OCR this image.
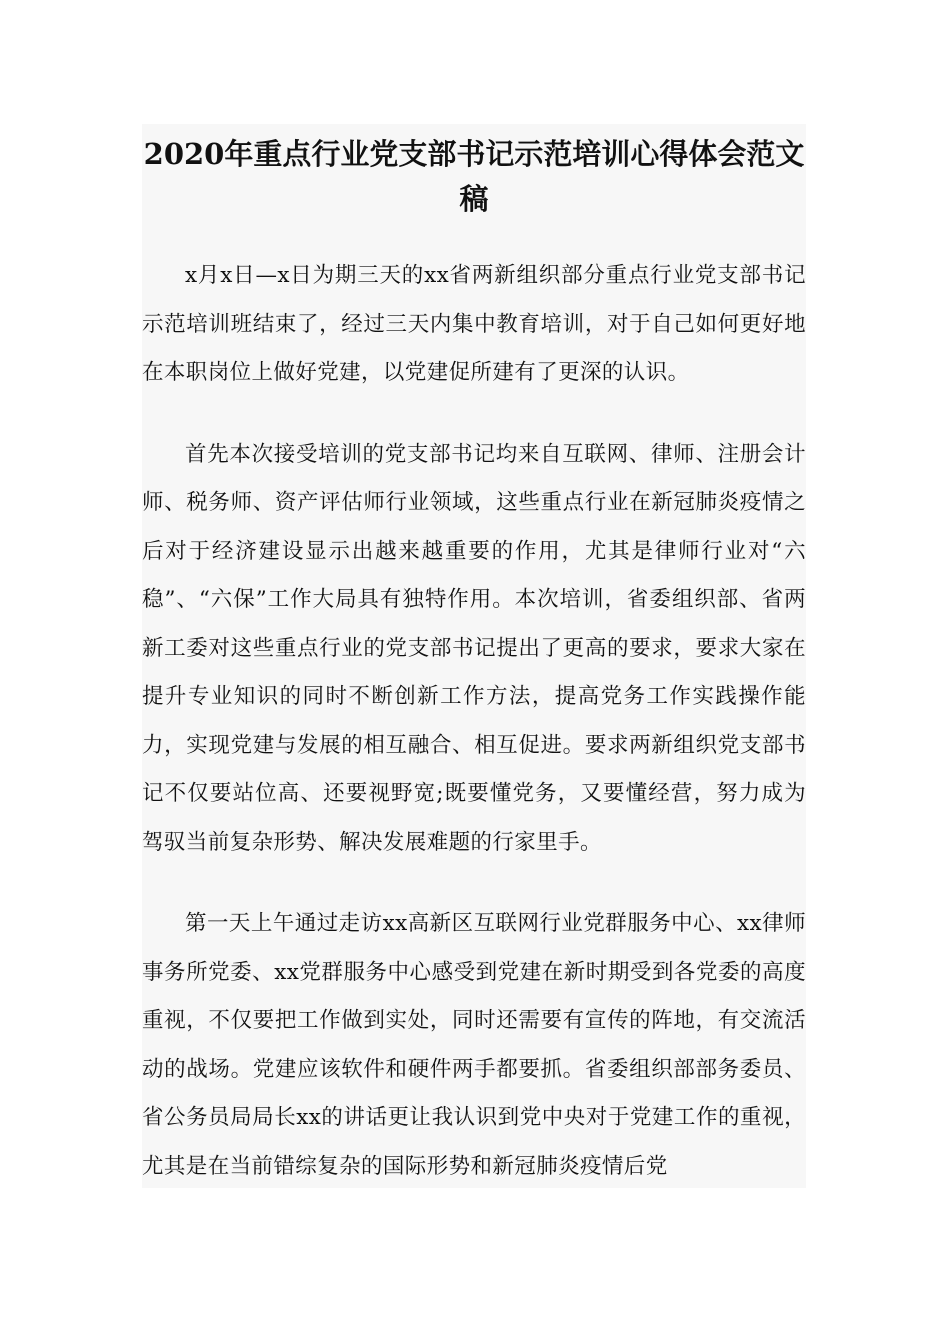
2020年重点行业党支部书记示范培训心得体会范文稿

x月x日—x日为期三天的xx省两新组织部分重点行业党支部书记示范培训班结束了，经过三天内集中教育培训，对于自己如何更好地在本职岗位上做好党建，以党建促所建有了更深的认识。

首先本次接受培训的党支部书记均来自互联网、律师、注册会计师、税务师、资产评估师行业领域，这些重点行业在新冠肺炎疫情之后对于经济建设显示出越来越重要的作用，尤其是律师行业对“六稳”、“六保”工作大局具有独特作用。本次培训，省委组织部、省两新工委对这些重点行业的党支部书记提出了更高的要求，要求大家在提升专业知识的同时不断创新工作方法，提高党务工作实践操作能力，实现党建与发展的相互融合、相互促进。要求两新组织党支部书记不仅要站位高、还要视野宽;既要懂党务，又要懂经营，努力成为驾驭当前复杂形势、解决发展难题的行家里手。

第一天上午通过走访xx高新区互联网行业党群服务中心、xx律师事务所党委、xx党群服务中心感受到党建在新时期受到各党委的高度重视，不仅要把工作做到实处，同时还需要有宣传的阵地，有交流活动的战场。党建应该软件和硬件两手都要抓。省委组织部部务委员、省公务员局局长xx的讲话更让我认识到党中央对于党建工作的重视，尤其是在当前错综复杂的国际形势和新冠肺炎疫情后党
